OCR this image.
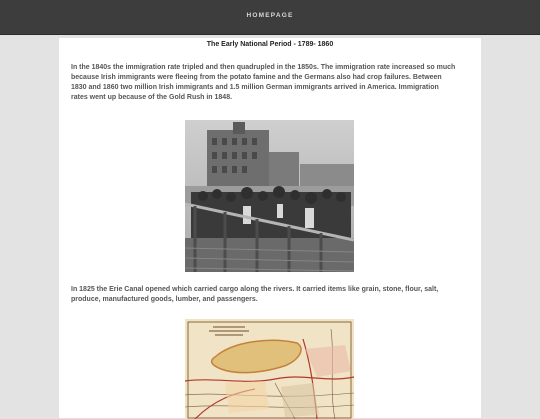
HOMEPAGE
The Early National Period - 1789- 1860
In the 1840s the immigration rate tripled and then quadrupled in the 1850s. The immigration rate increased so much because Irish immigrants were fleeing from the potato famine and the Germans also had crop failures. Between 1830 and 1860 two million Irish immigrants and 1.5 million German immigrants arrived in America. Immigration rates went up because of the Gold Rush in 1848.
In 1825 the Erie Canal opened which carried cargo along the rivers. It carried items like grain, stone, flour, salt, produce, manufactured goods, lumber, and passengers.
